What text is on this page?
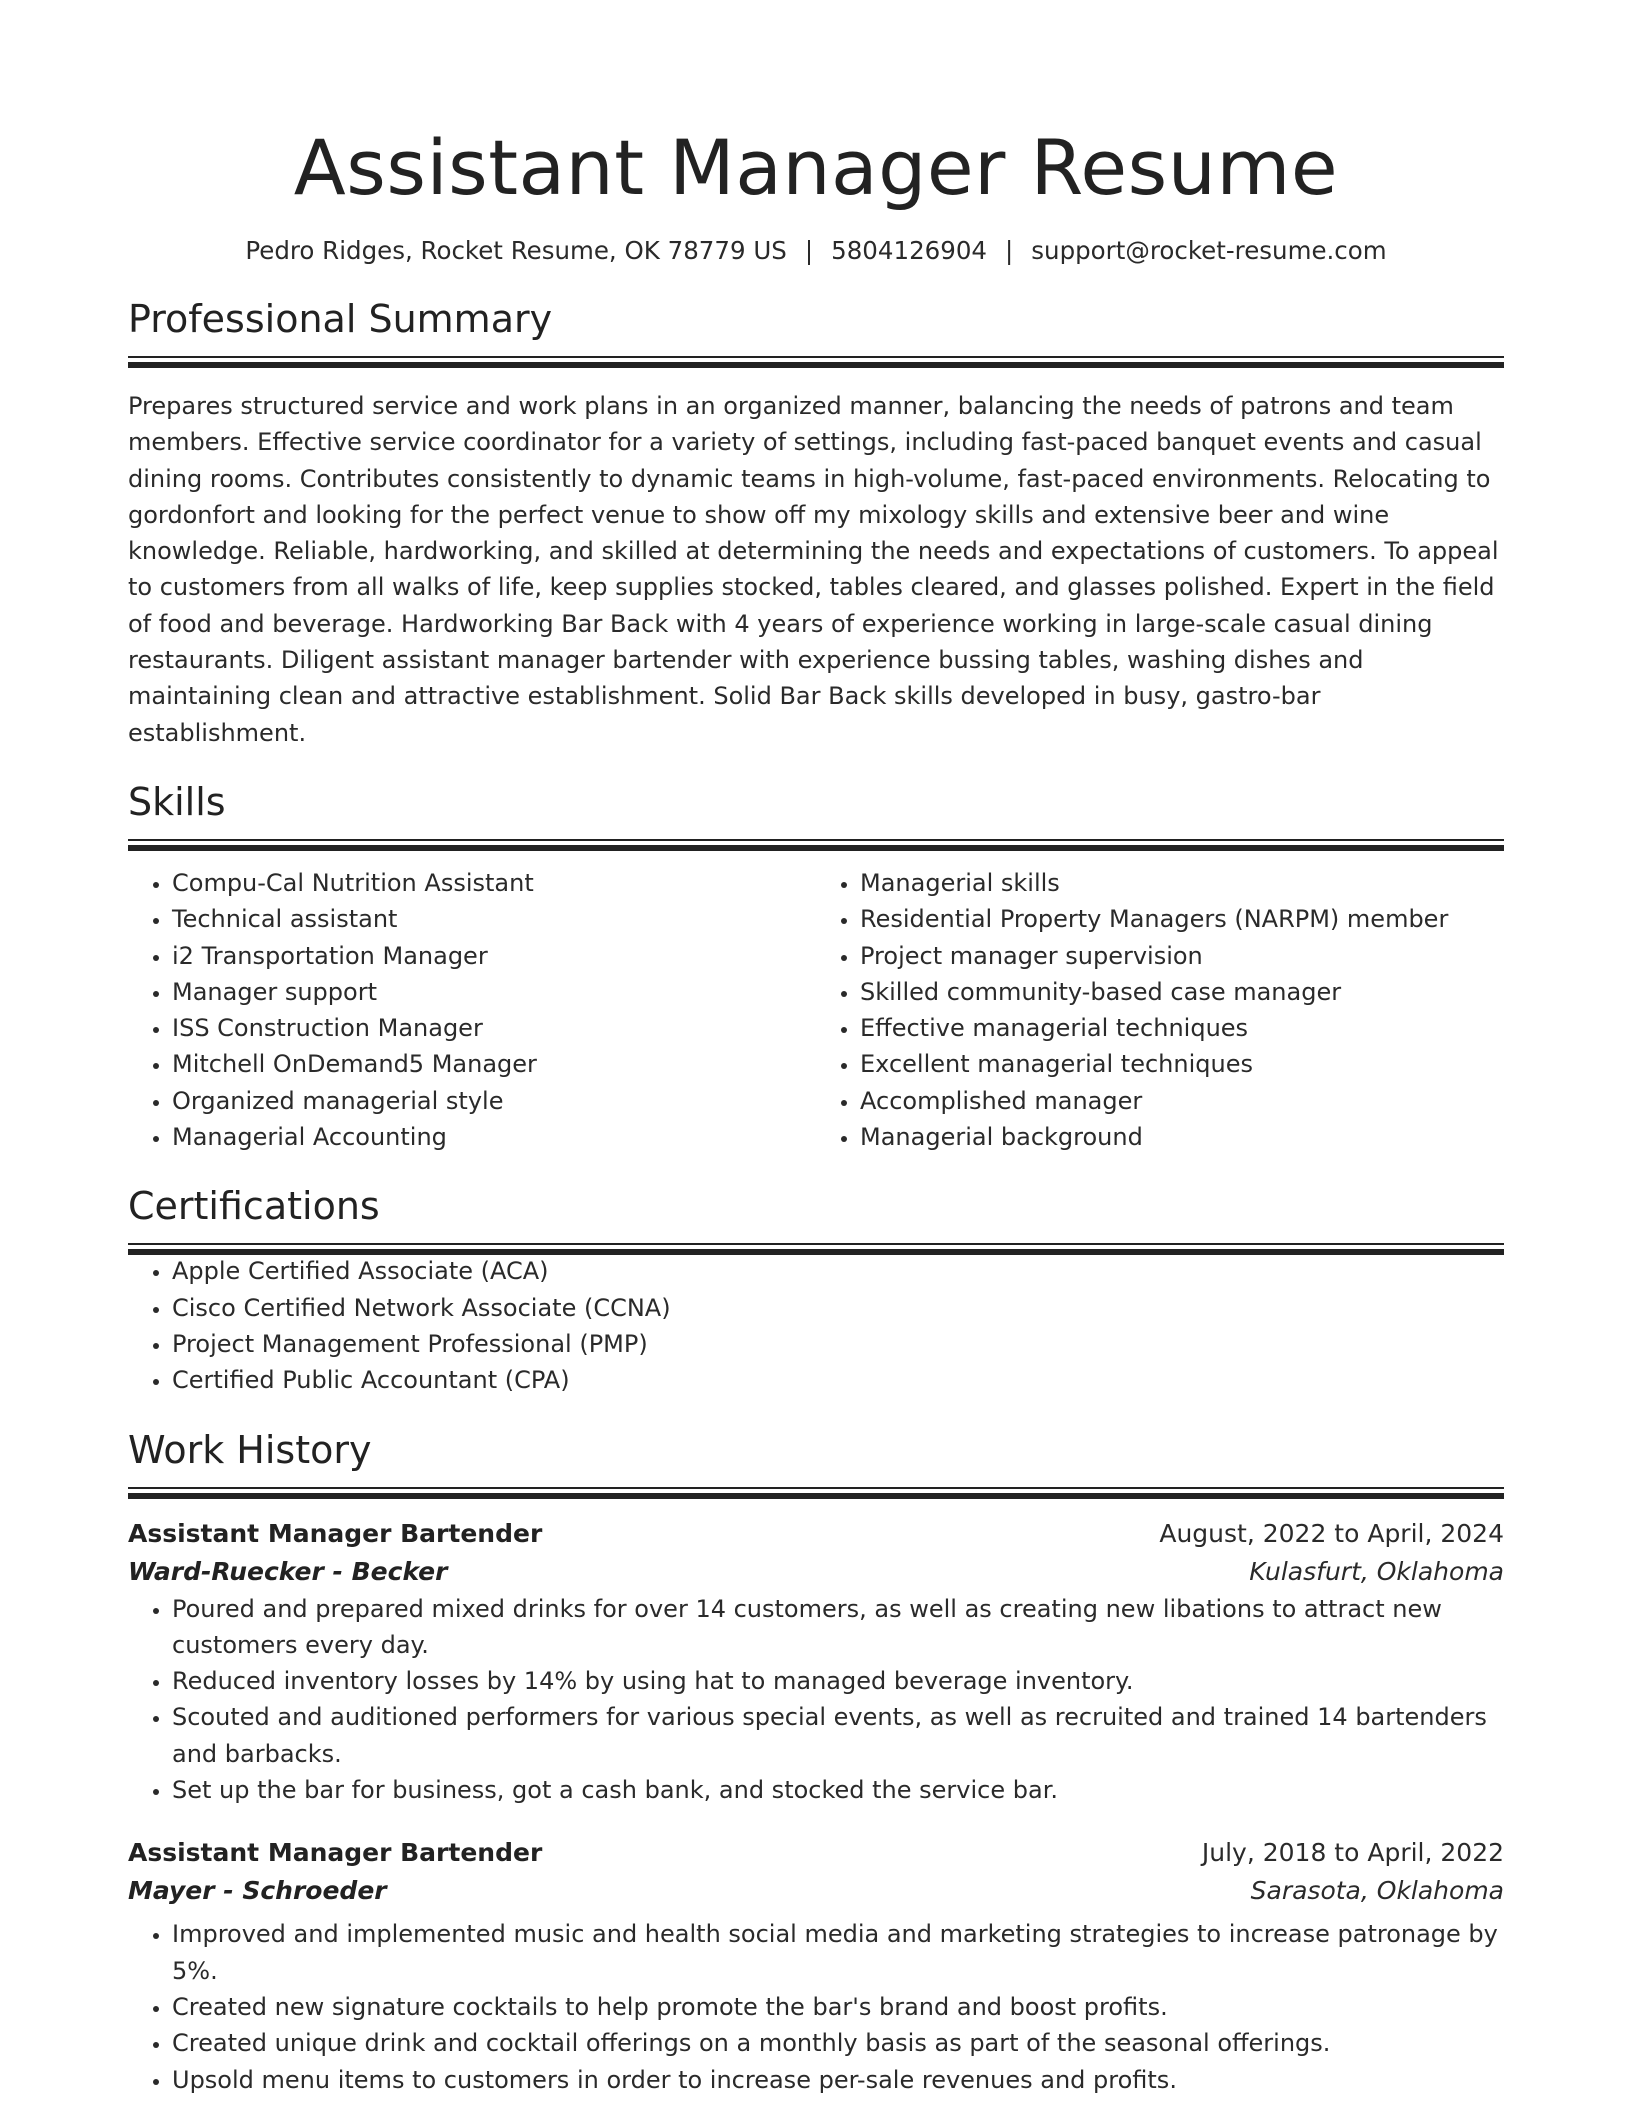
Assistant Manager Resume
Pedro Ridges, Rocket Resume, OK 78779 US | 5804126904 | support@rocket-resume.com
Professional Summary

Prepares structured service and work plans in an organized manner, balancing the needs of patrons and team members. Effective service coordinator for a variety of settings, including fast-paced banquet events and casual dining rooms. Contributes consistently to dynamic teams in high-volume, fast-paced environments. Relocating to gordonfort and looking for the perfect venue to show off my mixology skills and extensive beer and wine knowledge. Reliable, hardworking, and skilled at determining the needs and expectations of customers. To appeal to customers from all walks of life, keep supplies stocked, tables cleared, and glasses polished. Expert in the field of food and beverage. Hardworking Bar Back with 4 years of experience working in large-scale casual dining restaurants. Diligent assistant manager bartender with experience bussing tables, washing dishes and maintaining clean and attractive establishment. Solid Bar Back skills developed in busy, gastro-bar establishment.

Skills
• Compu-Cal Nutrition Assistant
• Technical assistant
• i2 Transportation Manager
• Manager support
• ISS Construction Manager
• Mitchell OnDemand5 Manager
• Organized managerial style
• Managerial Accounting
• Managerial skills
• Residential Property Managers (NARPM) member
• Project manager supervision
• Skilled community-based case manager
• Effective managerial techniques
• Excellent managerial techniques
• Accomplished manager
• Managerial background
Certifications
• Apple Certified Associate (ACA)
• Cisco Certified Network Associate (CCNA)
• Project Management Professional (PMP)
• Certified Public Accountant (CPA)
Work History
Assistant Manager Bartender	August, 2022 to April, 2024
Ward-Ruecker - Becker	Kulasfurt, Oklahoma
• Poured and prepared mixed drinks for over 14 customers, as well as creating new libations to attract new customers every day.
• Reduced inventory losses by 14% by using hat to managed beverage inventory.
• Scouted and auditioned performers for various special events, as well as recruited and trained 14 bartenders and barbacks.
• Set up the bar for business, got a cash bank, and stocked the service bar.
Assistant Manager Bartender	July, 2018 to April, 2022
Mayer - Schroeder	Sarasota, Oklahoma
• Improved and implemented music and health social media and marketing strategies to increase patronage by 5%.
• Created new signature cocktails to help promote the bar's brand and boost profits.
• Created unique drink and cocktail offerings on a monthly basis as part of the seasonal offerings.
• Upsold menu items to customers in order to increase per-sale revenues and profits.
